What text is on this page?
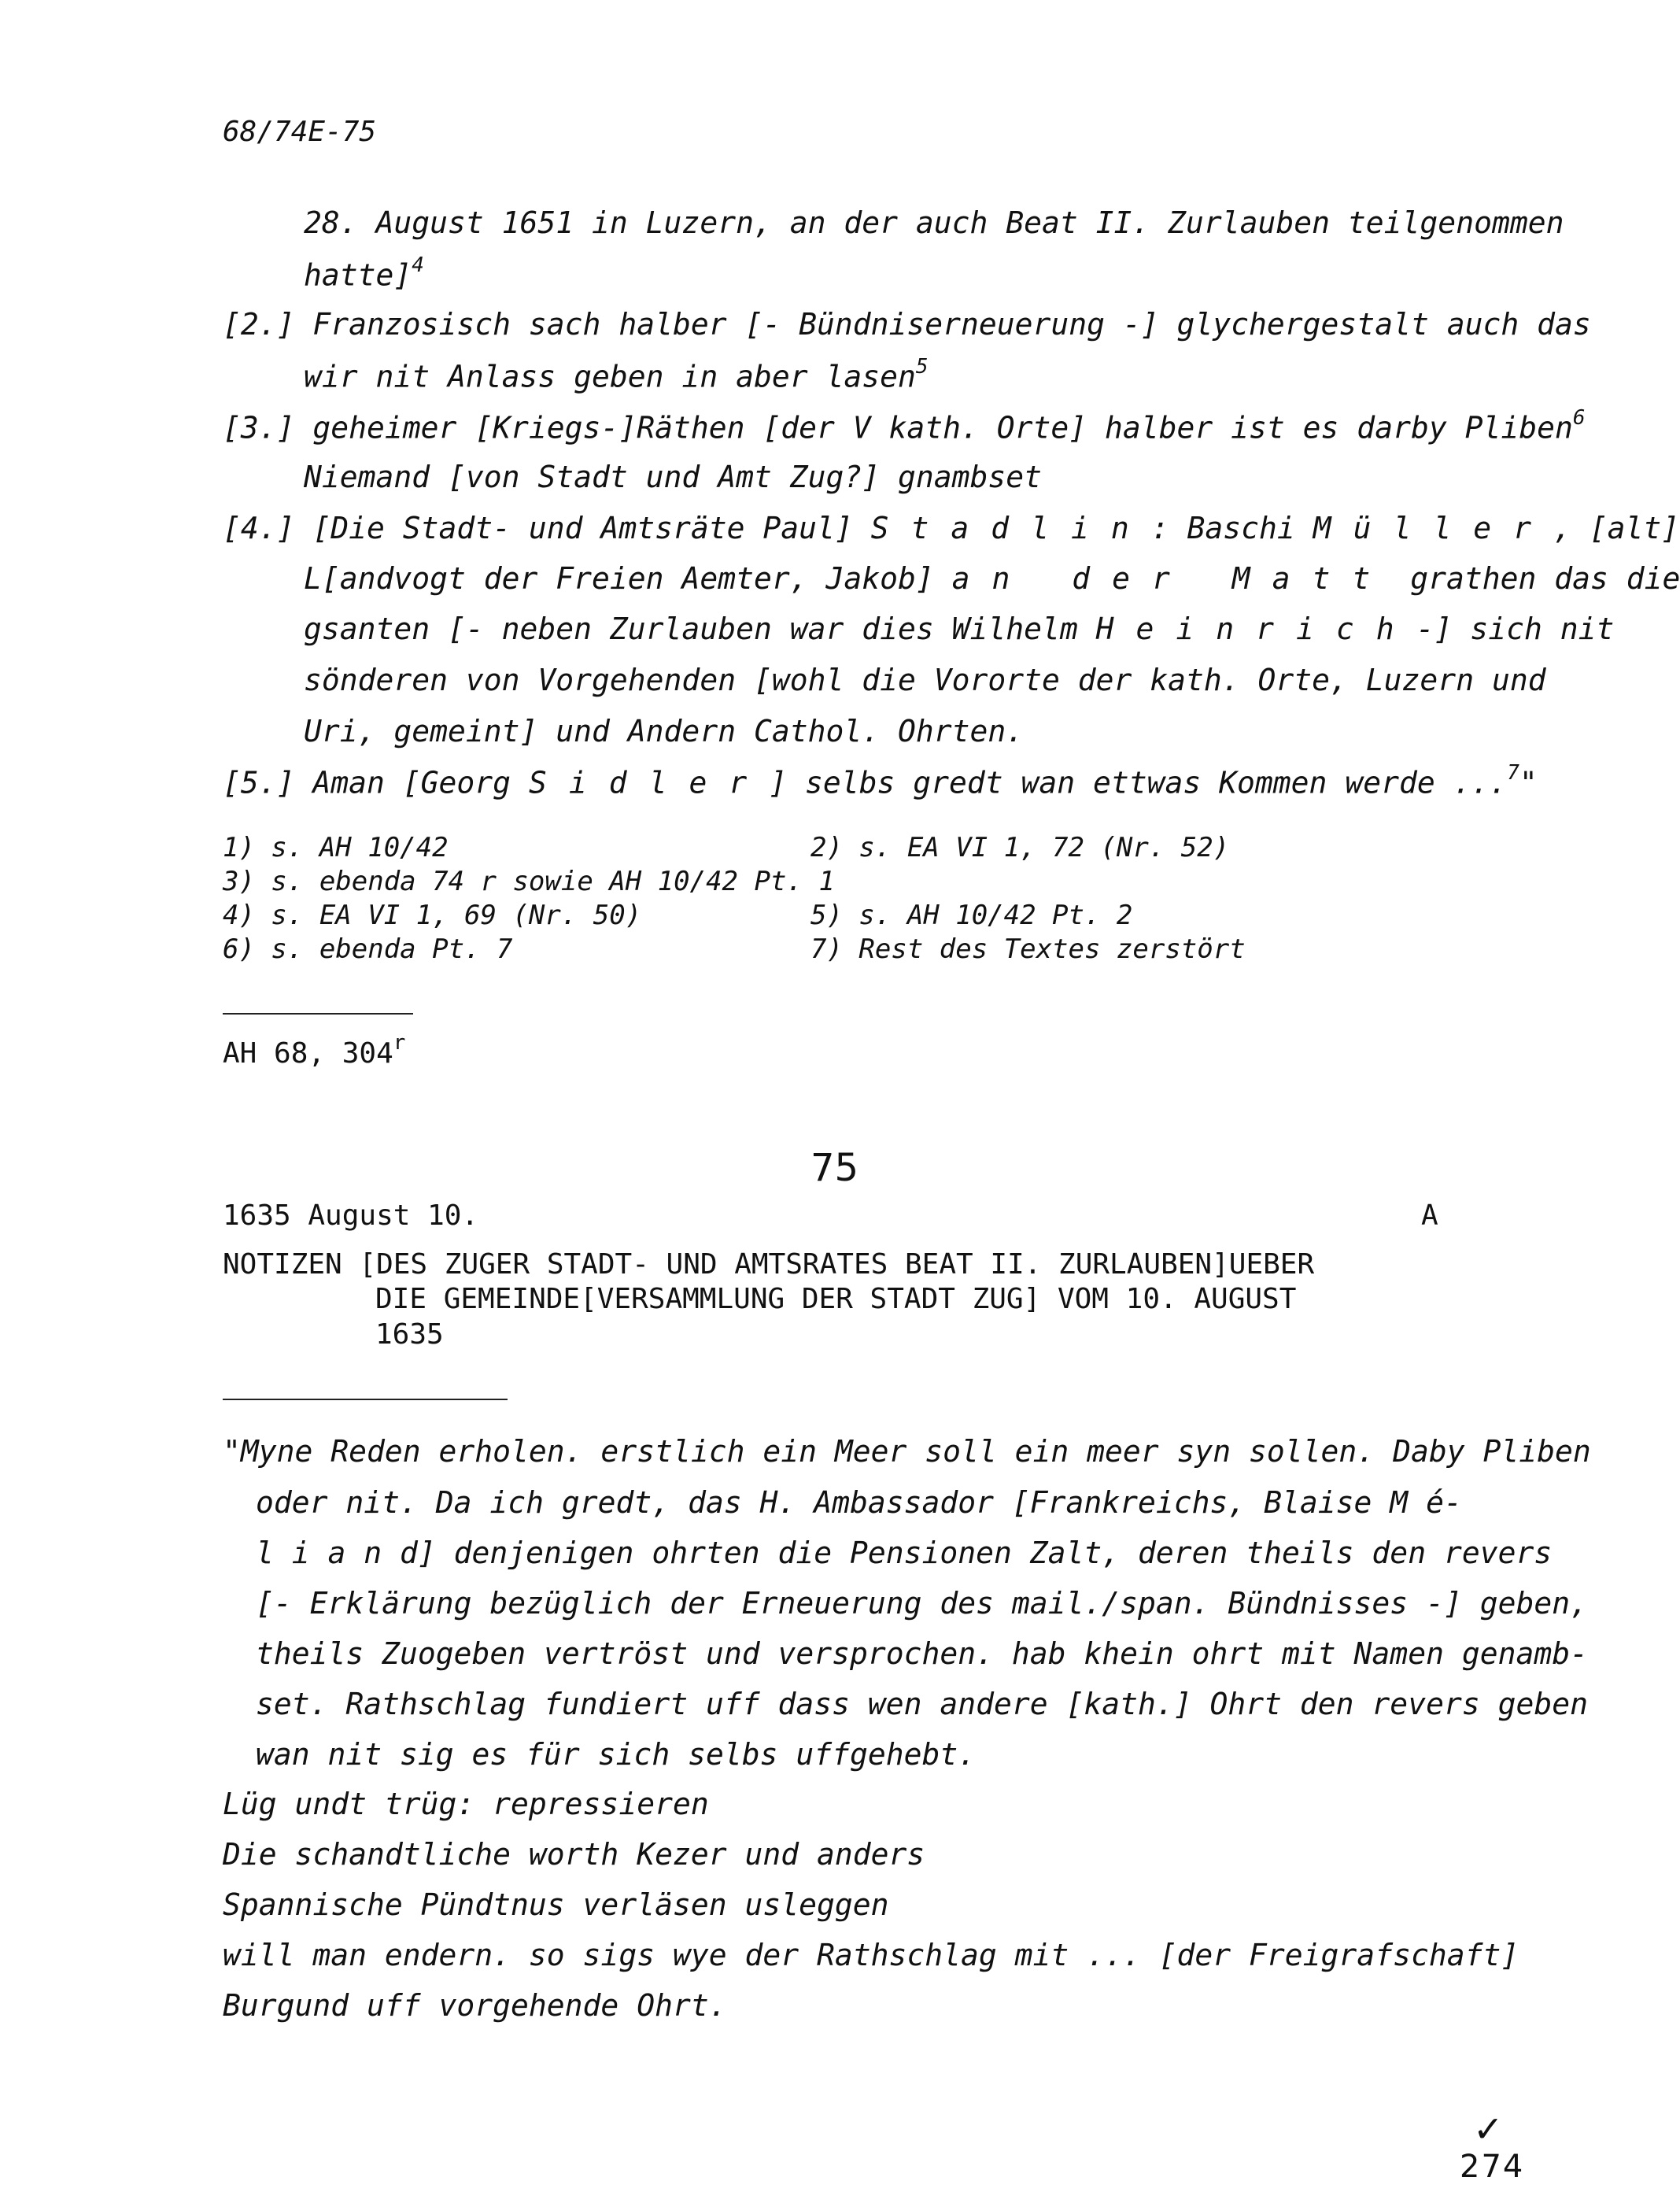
68/74E-75
28. August 1651 in Luzern, an der auch Beat II. Zurlauben teilgenommen
hatte]$^4$
[2.] Franzosisch sach halber [- Bündniserneuerung -] glychergestalt auch das
wir nit Anlass geben in aber lasen$^5$
[3.] geheimer [Kriegs-]Räthen [der V kath. Orte] halber ist es darby Pliben$^6$
Niemand [von Stadt und Amt Zug?] gnambset
[4.] [Die Stadt- und Amtsräte Paul] Stadlin: Baschi Müller, [alt]
L[andvogt der Freien Aemter, Jakob] an der Matt grathen das die
gsanten [- neben Zurlauben war dies Wilhelm Heinrich-] sich nit
sönderen von Vorgehenden [wohl die Vororte der kath. Orte, Luzern und
Uri, gemeint] und Andern Cathol. Ohrten.
[5.] Aman [Georg Sidler] selbs gredt wan ettwas Kommen werde ...$^7$"
1) s. AH 10/42	2) s. EA VI 1, 72 (Nr. 52)
3) s. ebenda 74 r sowie AH 10/42 Pt. 1
4) s. EA VI 1, 69 (Nr. 50)	5) s. AH 10/42 Pt. 2
6) s. ebenda Pt. 7	7) Rest des Textes zerstört
AH 68, 304$^r$
75
1635 August 10.	A
NOTIZEN [DES ZUGER STADT- UND AMTSRATES BEAT II. ZURLAUBEN]UEBER
DIE GEMEINDE[VERSAMMLUNG DER STADT ZUG] VOM 10. AUGUST
1635
"Myne Reden erholen. erstlich ein Meer soll ein meer syn sollen. Daby Pliben
oder nit. Da ich gredt, das H. Ambassador [Frankreichs, Blaise M é-
l i a n d] denjenigen ohrten die Pensionen Zalt, deren theils den revers
[- Erklärung bezüglich der Erneuerung des mail./span. Bündnisses -] geben,
theils Zuogeben vertröst und versprochen. hab khein ohrt mit Namen genamb-
set. Rathschlag fundiert uff dass wen andere [kath.] Ohrt den revers geben
wan nit sig es für sich selbs uffgehebt.
Lüg undt trüg: repressieren
Die schandtliche worth Kezer und anders
Spannische Pündtnus verläsen usleggen
will man endern. so sigs wye der Rathschlag mit ... [der Freigrafschaft]
Burgund uff vorgehende Ohrt.
✓
274
